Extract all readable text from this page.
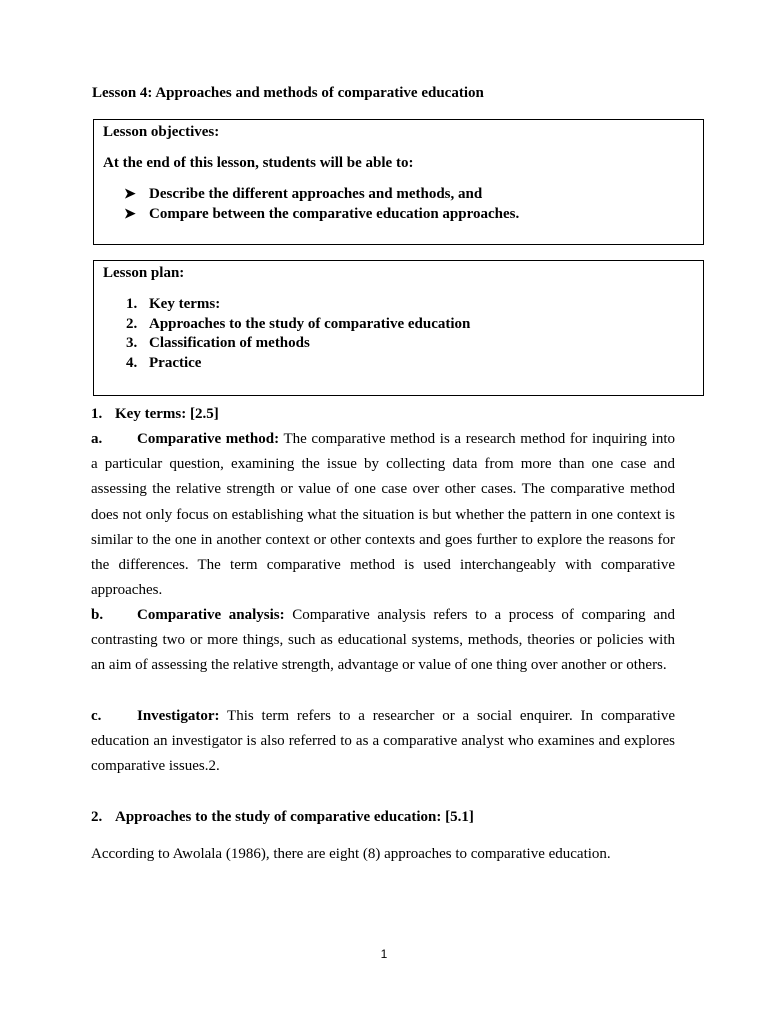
Lesson 4: Approaches and methods of comparative education
Lesson objectives:
At the end of this lesson, students will be able to:
➤ Describe the different approaches and methods, and
➤ Compare between the comparative education approaches.
Lesson plan:
1. Key terms:
2. Approaches to the study of comparative education
3. Classification of methods
4. Practice
1. Key terms: [2.5]
a. Comparative method: The comparative method is a research method for inquiring into a particular question, examining the issue by collecting data from more than one case and assessing the relative strength or value of one case over other cases. The comparative method does not only focus on establishing what the situation is but whether the pattern in one context is similar to the one in another context or other contexts and goes further to explore the reasons for the differences. The term comparative method is used interchangeably with comparative approaches.
b. Comparative analysis: Comparative analysis refers to a process of comparing and contrasting two or more things, such as educational systems, methods, theories or policies with an aim of assessing the relative strength, advantage or value of one thing over another or others.
c. Investigator: This term refers to a researcher or a social enquirer. In comparative education an investigator is also referred to as a comparative analyst who examines and explores comparative issues.2.
2. Approaches to the study of comparative education: [5.1]
According to Awolala (1986), there are eight (8) approaches to comparative education.
1
